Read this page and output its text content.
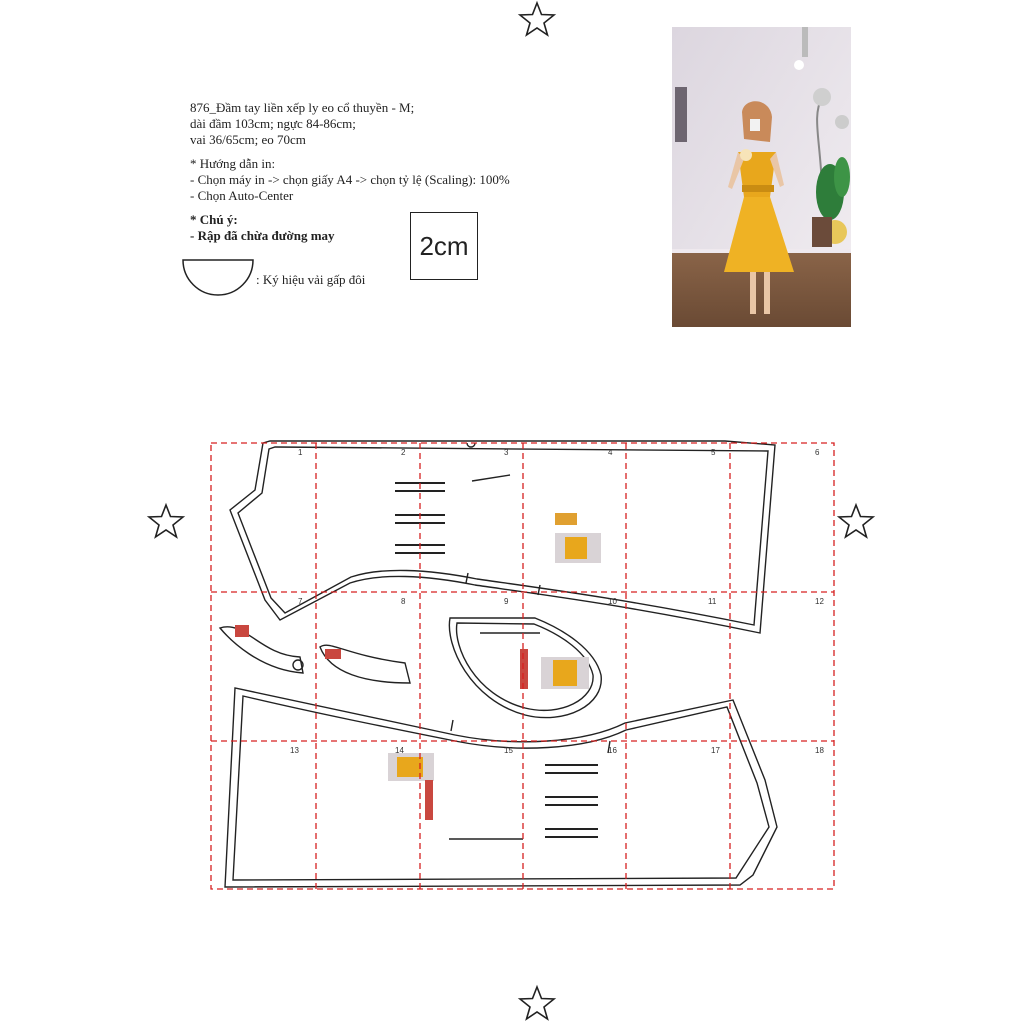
876_Đầm tay liền xếp ly eo cổ thuyền - M;
dài đầm 103cm; ngực 84-86cm;
vai 36/65cm; eo 70cm
* Hướng dẫn in:
- Chọn máy in -> chọn giấy A4 -> chọn tỷ lệ (Scaling): 100%
- Chọn Auto-Center
* Chú ý:
- Rập đã chừa đường may
: Ký hiệu vải gấp đôi
2cm
1	2	3	4	5	6
7	8	9	10	11	12
13	14	15	16	17	18
